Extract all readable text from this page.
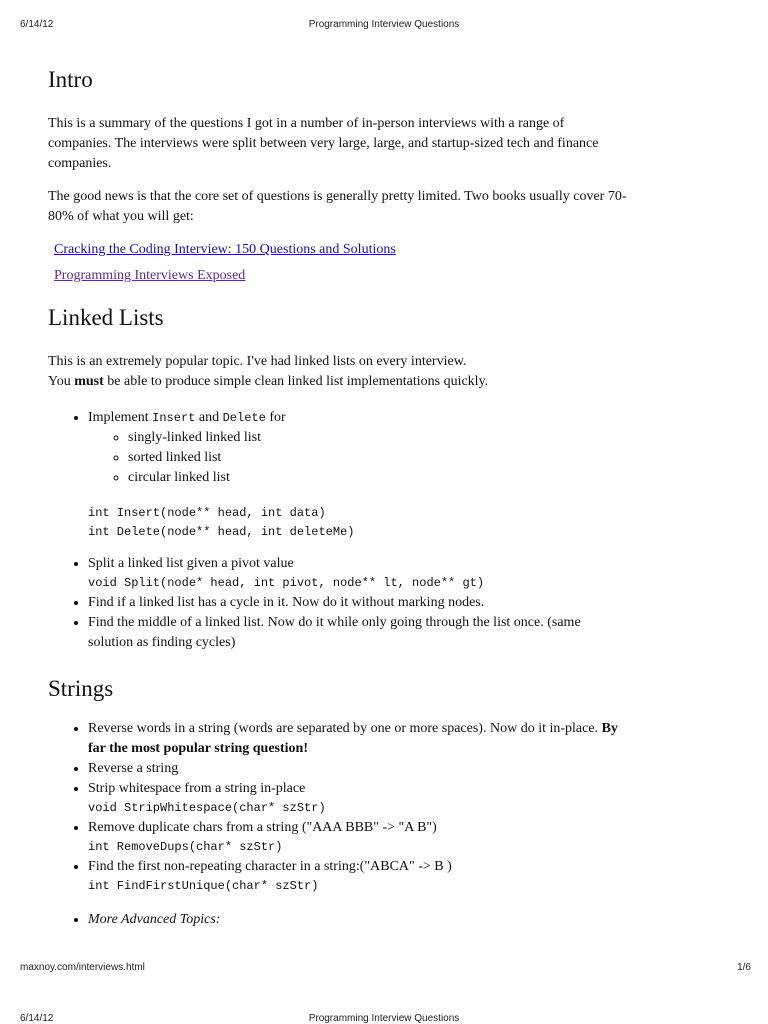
6/14/12	Programming Interview Questions
Intro

This is a summary of the questions I got in a number of in-person interviews with a range of companies. The interviews were split between very large, large, and startup-sized tech and finance companies.

The good news is that the core set of questions is generally pretty limited. Two books usually cover 70-80% of what you will get:

Cracking the Coding Interview: 150 Questions and Solutions
Programming Interviews Exposed
Linked Lists

This is an extremely popular topic. I've had linked lists on every interview.

You must be able to produce simple clean linked list implementations quickly.

• Implement Insert and Delete for
◦ singly-linked linked list
◦ sorted linked list
◦ circular linked list
int Insert(node** head, int data)
int Delete(node** head, int deleteMe)
• Split a linked list given a pivot value
void Split(node* head, int pivot, node** lt, node** gt)
• Find if a linked list has a cycle in it. Now do it without marking nodes.
• Find the middle of a linked list. Now do it while only going through the list once. (same solution as finding cycles)
Strings
• Reverse words in a string (words are separated by one or more spaces). Now do it in-place. By far the most popular string question!
• Reverse a string
• Strip whitespace from a string in-place
void StripWhitespace(char* szStr)
• Remove duplicate chars from a string ("AAA BBB" -> "A B")
int RemoveDups(char* szStr)
• Find the first non-repeating character in a string:("ABCA" -> B )
int FindFirstUnique(char* szStr)
• More Advanced Topics:
maxnoy.com/interviews.html	1/6
6/14/12	Programming Interview Questions
